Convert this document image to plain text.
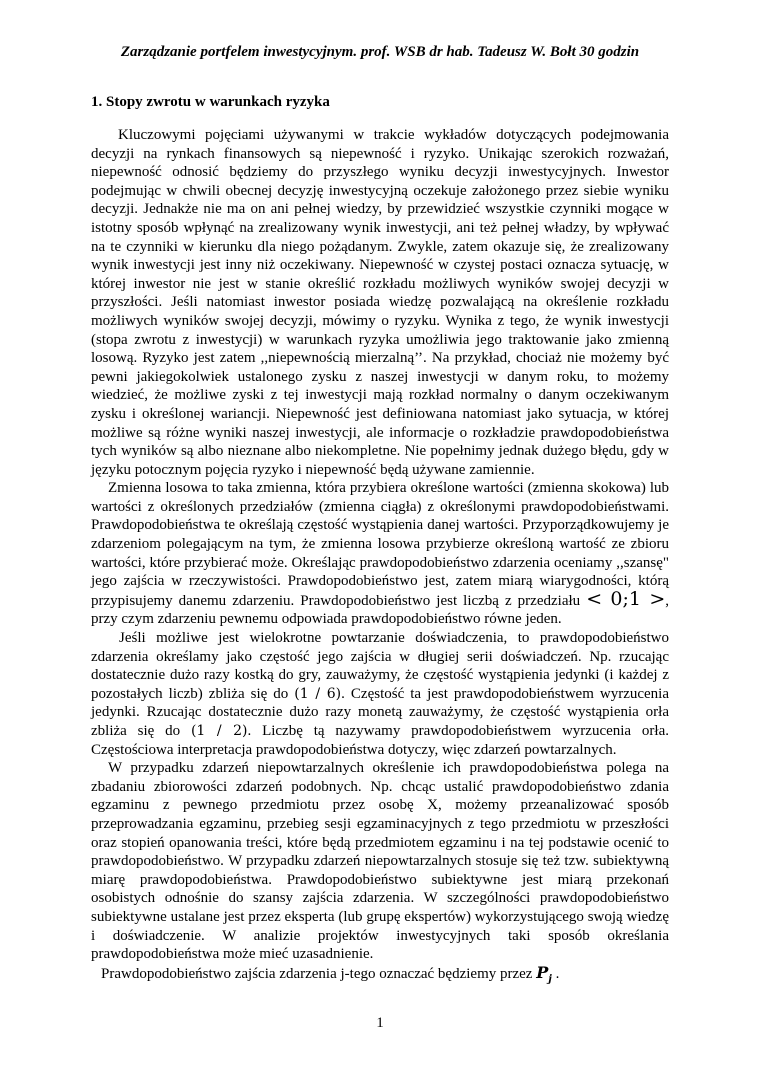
Zarządzanie portfelem inwestycyjnym. prof. WSB dr hab. Tadeusz W. Bołt 30 godzin
1. Stopy zwrotu w warunkach ryzyka

Kluczowymi pojęciami używanymi w trakcie wykładów dotyczących podejmowania decyzji na rynkach finansowych są niepewność i ryzyko. Unikając szerokich rozważań, niepewność odnosić będziemy do przyszłego wyniku decyzji inwestycyjnych. Inwestor podejmując w chwili obecnej decyzję inwestycyjną oczekuje założonego przez siebie wyniku decyzji. Jednakże nie ma on ani pełnej wiedzy, by przewidzieć wszystkie czynniki mogące w istotny sposób wpłynąć na zrealizowany wynik inwestycji, ani też pełnej władzy, by wpływać na te czynniki w kierunku dla niego pożądanym. Zwykle, zatem okazuje się, że zrealizowany wynik inwestycji jest inny niż oczekiwany. Niepewność w czystej postaci oznacza sytuację, w której inwestor nie jest w stanie określić rozkładu możliwych wyników swojej decyzji w przyszłości. Jeśli natomiast inwestor posiada wiedzę pozwalającą na określenie rozkładu możliwych wyników swojej decyzji, mówimy o ryzyku. Wynika z tego, że wynik inwestycji (stopa zwrotu z inwestycji) w warunkach ryzyka umożliwia jego traktowanie jako zmienną losową. Ryzyko jest zatem ,,niepewnością mierzalną’’. Na przykład, chociaż nie możemy być pewni jakiegokolwiek ustalonego zysku z naszej inwestycji w danym roku, to możemy wiedzieć, że możliwe zyski z tej inwestycji mają rozkład normalny o danym oczekiwanym zysku i określonej wariancji. Niepewność jest definiowana natomiast jako sytuacja, w której możliwe są różne wyniki naszej inwestycji, ale informacje o rozkładzie prawdopodobieństwa tych wyników są albo nieznane albo niekompletne. Nie popełnimy jednak dużego błędu, gdy w języku potocznym pojęcia ryzyko i niepewność będą używane zamiennie.

Zmienna losowa to taka zmienna, która przybiera określone wartości (zmienna skokowa) lub wartości z określonych przedziałów (zmienna ciągła) z określonymi prawdopodobieństwami. Prawdopodobieństwa te określają częstość wystąpienia danej wartości. Przyporządkowujemy je zdarzeniom polegającym na tym, że zmienna losowa przybierze określoną wartość ze zbioru wartości, które przybierać może. Określając prawdopodobieństwo zdarzenia oceniamy ,,szansę" jego zajścia w rzeczywistości. Prawdopodobieństwo jest, zatem miarą wiarygodności, którą przypisujemy danemu zdarzeniu. Prawdopodobieństwo jest liczbą z przedziału < 0;1 >, przy czym zdarzeniu pewnemu odpowiada prawdopodobieństwo równe jeden.

Jeśli możliwe jest wielokrotne powtarzanie doświadczenia, to prawdopodobieństwo zdarzenia określamy jako częstość jego zajścia w długiej serii doświadczeń. Np. rzucając dostatecznie dużo razy kostką do gry, zauważymy, że częstość wystąpienia jedynki (i każdej z pozostałych liczb) zbliża się do (1 / 6). Częstość ta jest prawdopodobieństwem wyrzucenia jedynki. Rzucając dostatecznie dużo razy monetą zauważymy, że częstość wystąpienia orła zbliża się do (1 / 2). Liczbę tą nazywamy prawdopodobieństwem wyrzucenia orła. Częstościowa interpretacja prawdopodobieństwa dotyczy, więc zdarzeń powtarzalnych.

W przypadku zdarzeń niepowtarzalnych określenie ich prawdopodobieństwa polega na zbadaniu zbiorowości zdarzeń podobnych. Np. chcąc ustalić prawdopodobieństwo zdania egzaminu z pewnego przedmiotu przez osobę X, możemy przeanalizować sposób przeprowadzania egzaminu, przebieg sesji egzaminacyjnych z tego przedmiotu w przeszłości oraz stopień opanowania treści, które będą przedmiotem egzaminu i na tej podstawie ocenić to prawdopodobieństwo. W przypadku zdarzeń niepowtarzalnych stosuje się też tzw. subiektywną miarę prawdopodobieństwa. Prawdopodobieństwo subiektywne jest miarą przekonań osobistych odnośnie do szansy zajścia zdarzenia. W szczególności prawdopodobieństwo subiektywne ustalane jest przez eksperta (lub grupę ekspertów) wykorzystującego swoją wiedzę i doświadczenie. W analizie projektów inwestycyjnych taki sposób określania prawdopodobieństwa może mieć uzasadnienie.

Prawdopodobieństwo zajścia zdarzenia j-tego oznaczać będziemy przez $P_j$ .

1
